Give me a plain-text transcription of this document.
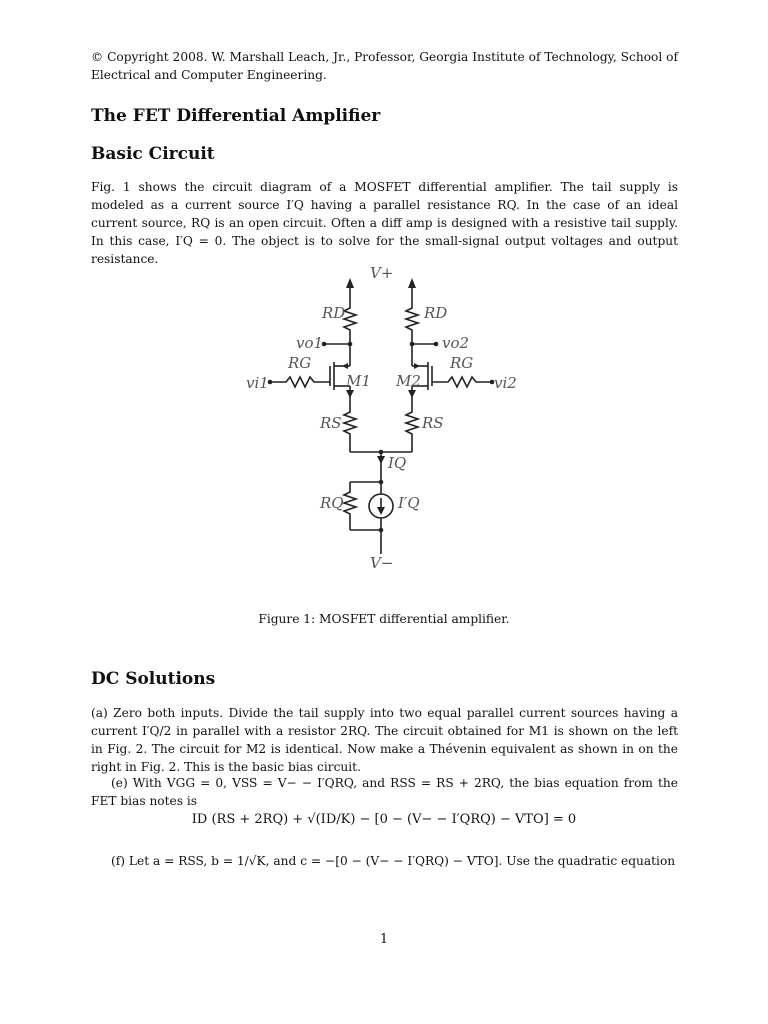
© Copyright 2008. W. Marshall Leach, Jr., Professor, Georgia Institute of Technology, School of Electrical and Computer Engineering.
The FET Differential Amplifier
Basic Circuit
Fig. 1 shows the circuit diagram of a MOSFET differential amplifier. The tail supply is modeled as a current source I′Q having a parallel resistance RQ. In the case of an ideal current source, RQ is an open circuit. Often a diff amp is designed with a resistive tail supply. In this case, I′Q = 0. The object is to solve for the small-signal output voltages and output resistance.
V+
RD	RD
vo1	vo2
RG	RG
vi1	vi2
M1 M2
RS	RS
IQ
RQ	I′Q
V−
Figure 1: MOSFET differential amplifier.
DC Solutions
(a) Zero both inputs. Divide the tail supply into two equal parallel current sources having a current I′Q/2 in parallel with a resistor 2RQ. The circuit obtained for M1 is shown on the left in Fig. 2. The circuit for M2 is identical. Now make a Thévenin equivalent as shown in on the right in Fig. 2. This is the basic bias circuit.
(e) With VGG = 0, VSS = V− − I′QRQ, and RSS = RS + 2RQ, the bias equation from the FET bias notes is
ID (RS + 2RQ) + √(ID/K) − [0 − (V− − I′QRQ) − VTO] = 0
(f) Let a = RSS, b = 1/√K, and c = −[0 − (V− − I′QRQ) − VTO]. Use the quadratic equation
1
